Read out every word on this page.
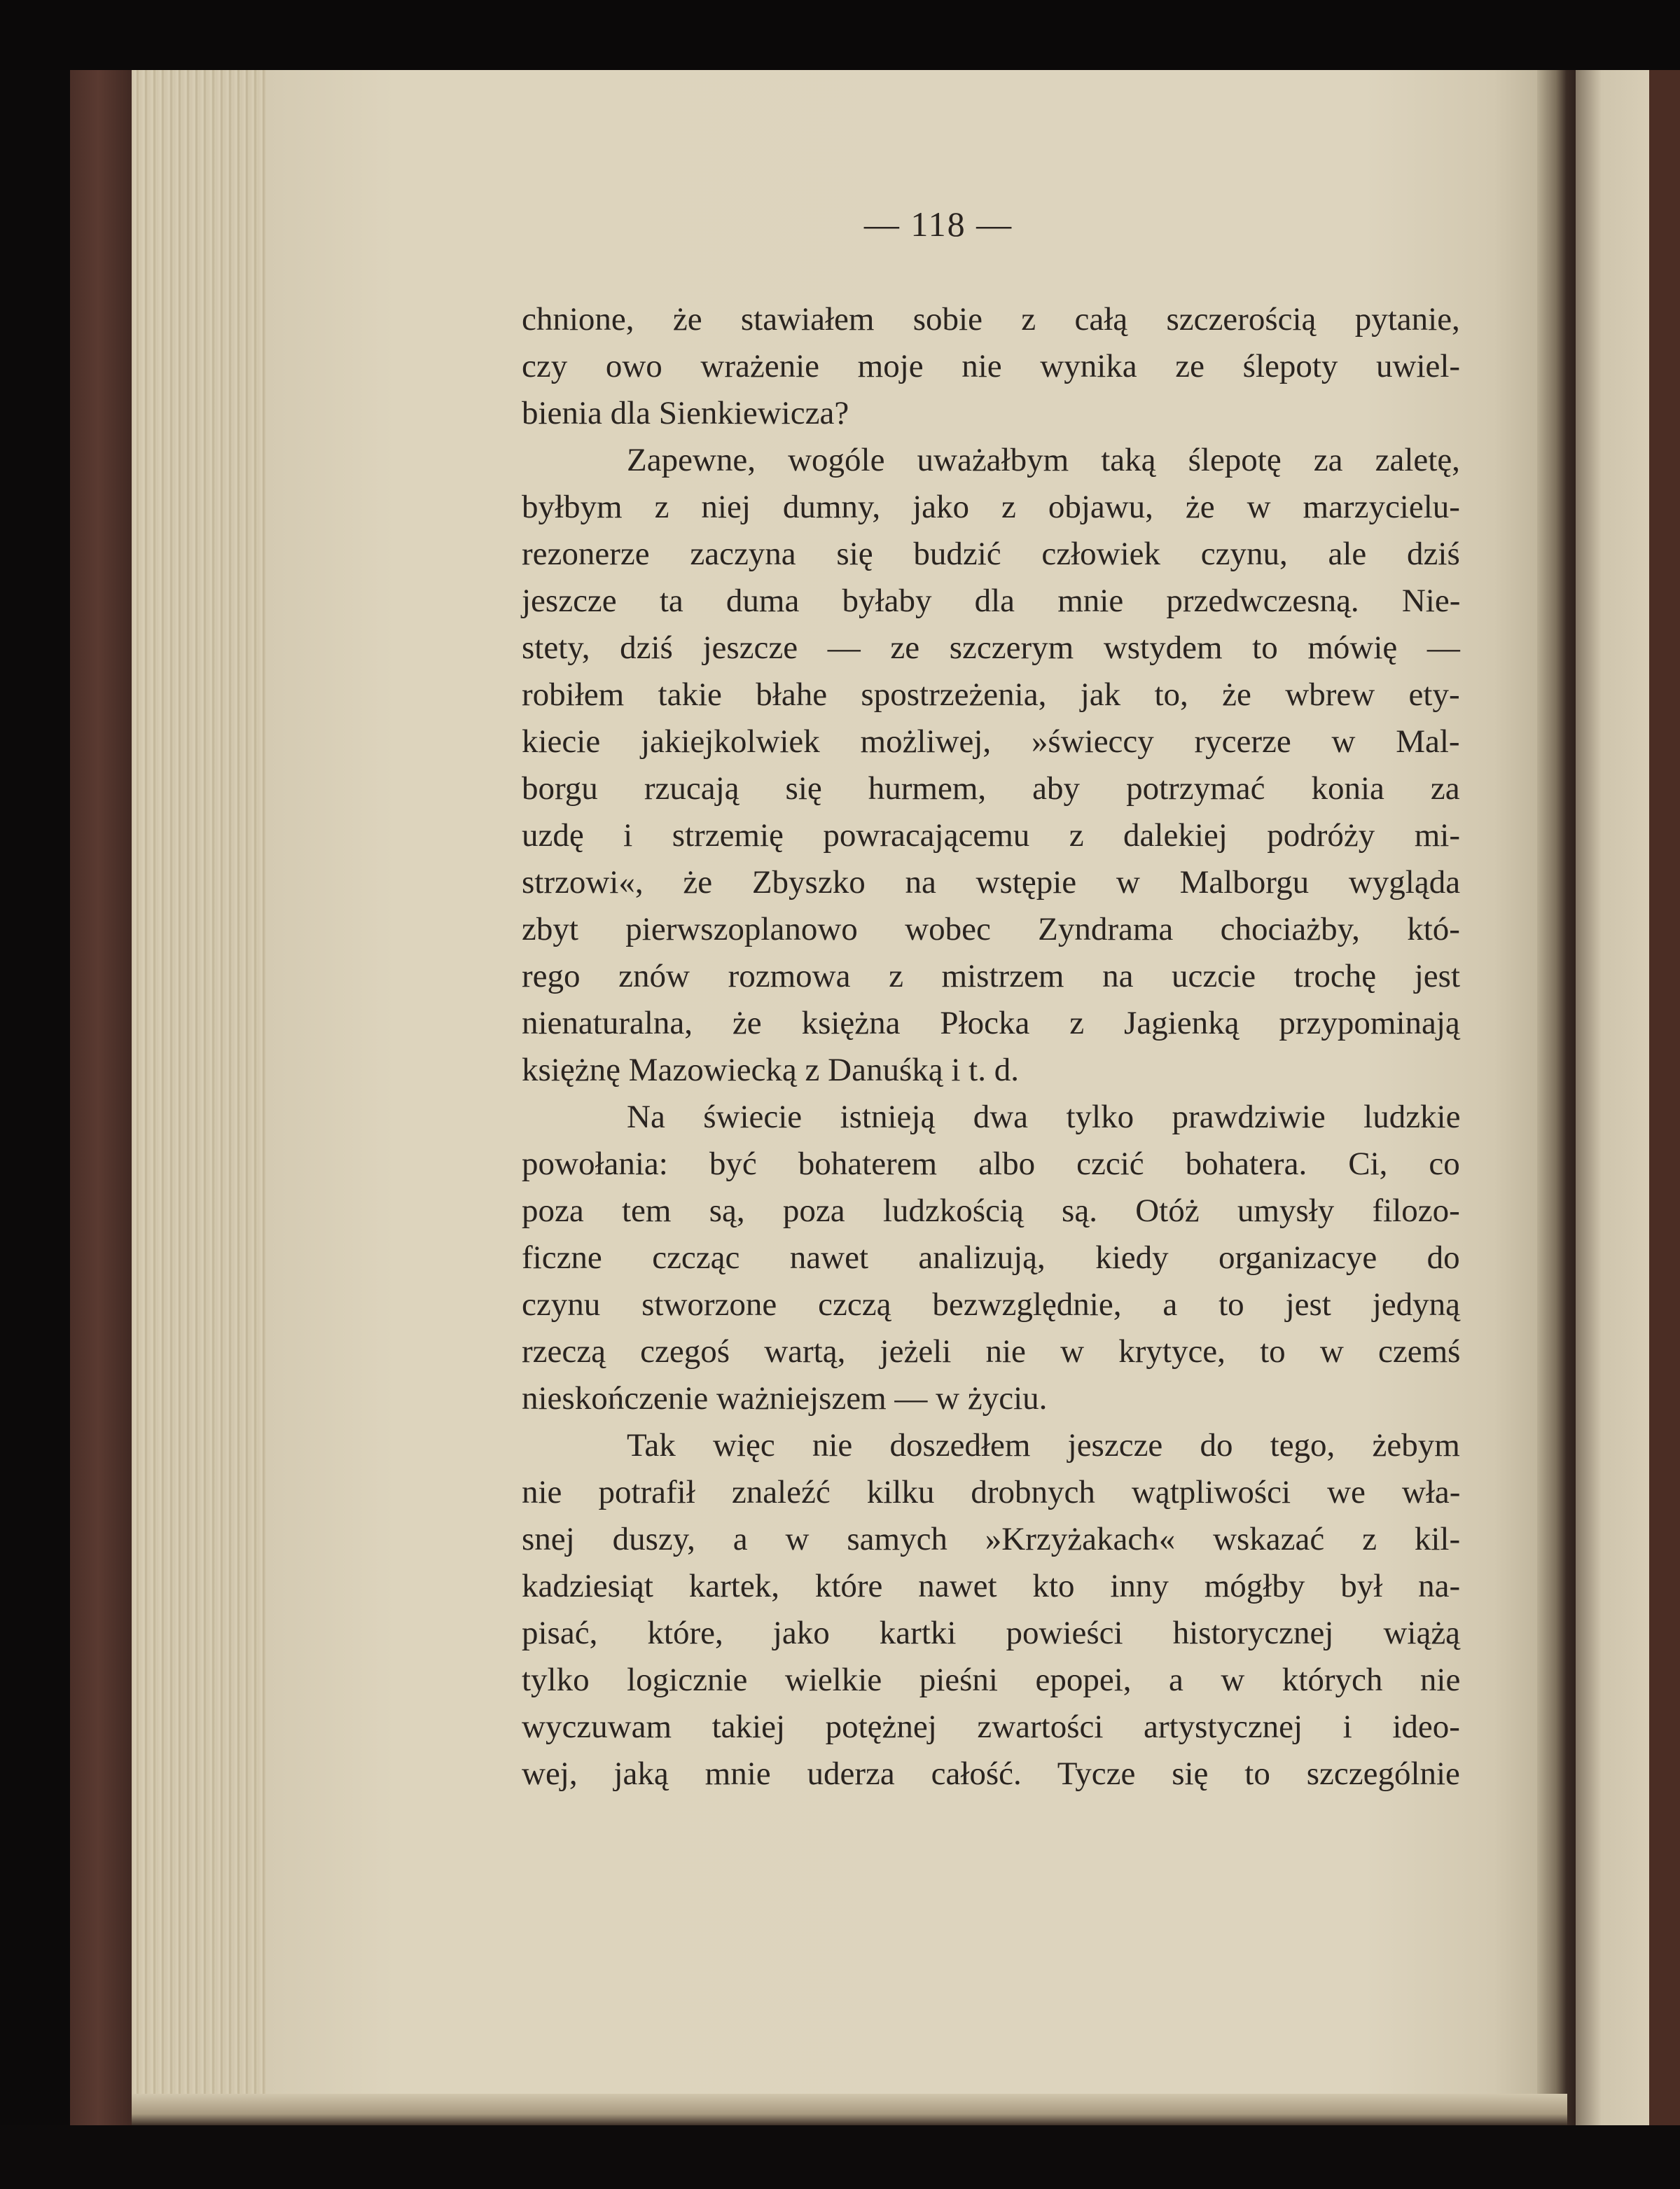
— 118 —
chnione, że stawiałem sobie z całą szczerością pytanie,
czy owo wrażenie moje nie wynika ze ślepoty uwiel-
bienia dla Sienkiewicza?
Zapewne, wogóle uważałbym taką ślepotę za zaletę,
byłbym z niej dumny, jako z objawu, że w marzycielu-
rezonerze zaczyna się budzić człowiek czynu, ale dziś
jeszcze ta duma byłaby dla mnie przedwczesną. Nie-
stety, dziś jeszcze — ze szczerym wstydem to mówię —
robiłem takie błahe spostrzeżenia, jak to, że wbrew ety-
kiecie jakiejkolwiek możliwej, »świeccy rycerze w Mal-
borgu rzucają się hurmem, aby potrzymać konia za
uzdę i strzemię powracającemu z dalekiej podróży mi-
strzowi«, że Zbyszko na wstępie w Malborgu wygląda
zbyt pierwszoplanowo wobec Zyndrama chociażby, któ-
rego znów rozmowa z mistrzem na uczcie trochę jest
nienaturalna, że księżna Płocka z Jagienką przypominają
księżnę Mazowiecką z Danuśką i t. d.
Na świecie istnieją dwa tylko prawdziwie ludzkie
powołania: być bohaterem albo czcić bohatera. Ci, co
poza tem są, poza ludzkością są. Otóż umysły filozo-
ficzne czcząc nawet analizują, kiedy organizacye do
czynu stworzone czczą bezwzględnie, a to jest jedyną
rzeczą czegoś wartą, jeżeli nie w krytyce, to w czemś
nieskończenie ważniejszem — w życiu.
Tak więc nie doszedłem jeszcze do tego, żebym
nie potrafił znaleźć kilku drobnych wątpliwości we wła-
snej duszy, a w samych »Krzyżakach« wskazać z kil-
kadziesiąt kartek, które nawet kto inny mógłby był na-
pisać, które, jako kartki powieści historycznej wiążą
tylko logicznie wielkie pieśni epopei, a w których nie
wyczuwam takiej potężnej zwartości artystycznej i ideo-
wej, jaką mnie uderza całość. Tycze się to szczególnie
